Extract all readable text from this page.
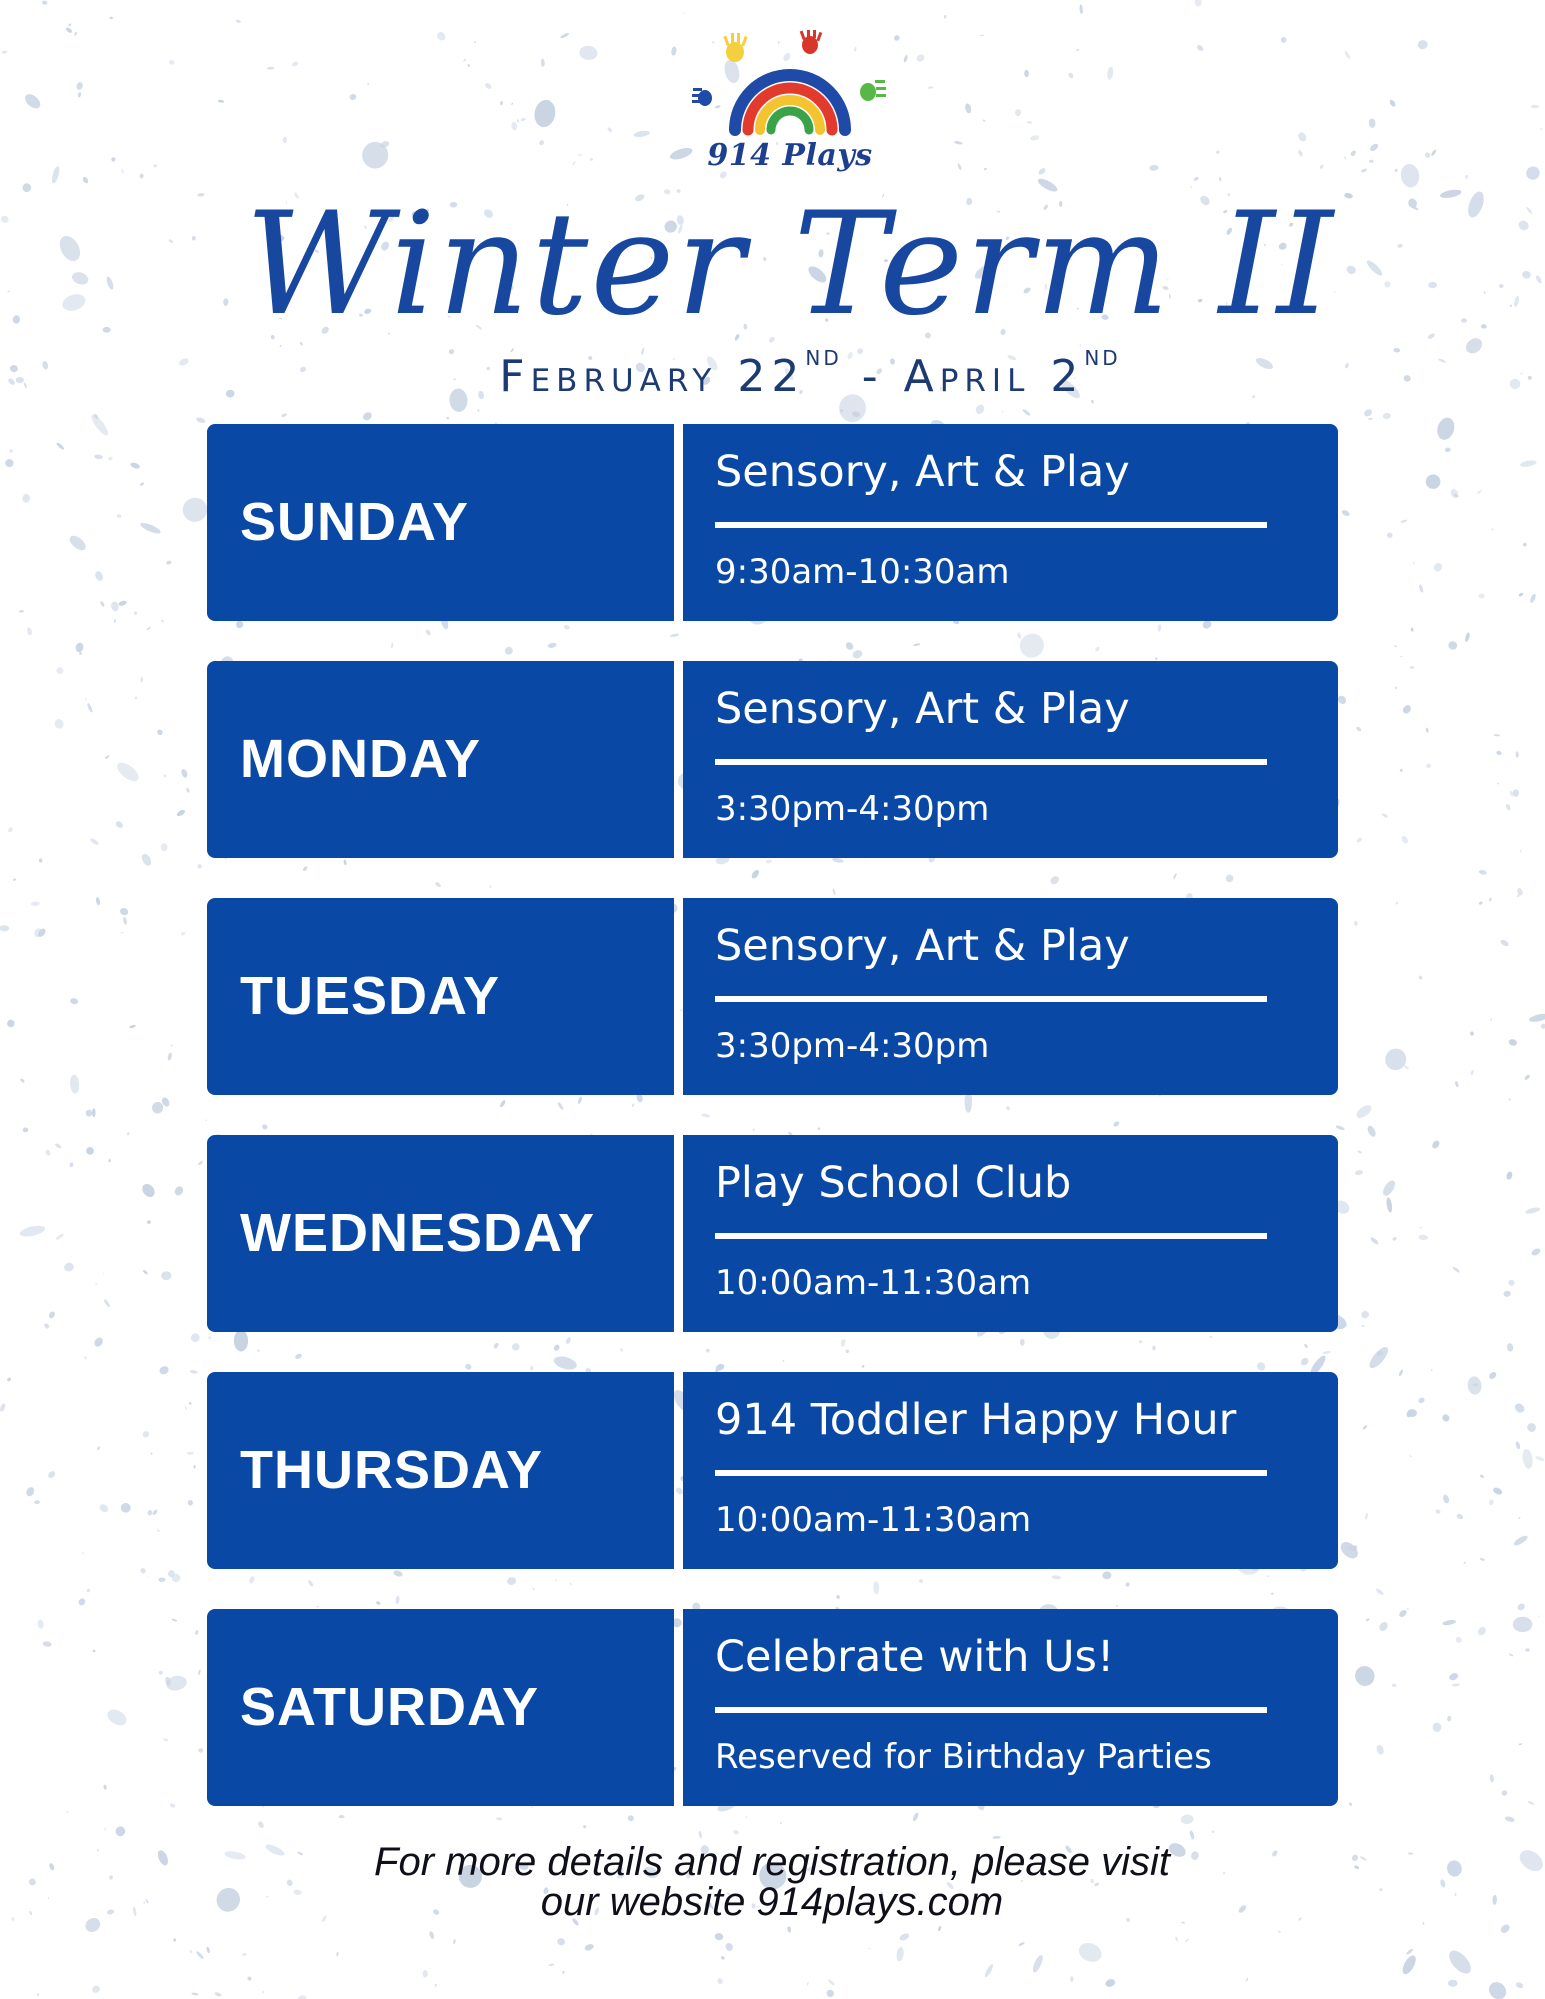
914 Plays
Winter Term II
February 22ND - April 2ND
SUNDAY
Sensory, Art & Play
9:30am-10:30am
MONDAY
Sensory, Art & Play
3:30pm-4:30pm
TUESDAY
Sensory, Art & Play
3:30pm-4:30pm
WEDNESDAY
Play School Club
10:00am-11:30am
THURSDAY
914 Toddler Happy Hour
10:00am-11:30am
SATURDAY
Celebrate with Us!
Reserved for Birthday Parties
For more details and registration, please visit
our website 914plays.com
